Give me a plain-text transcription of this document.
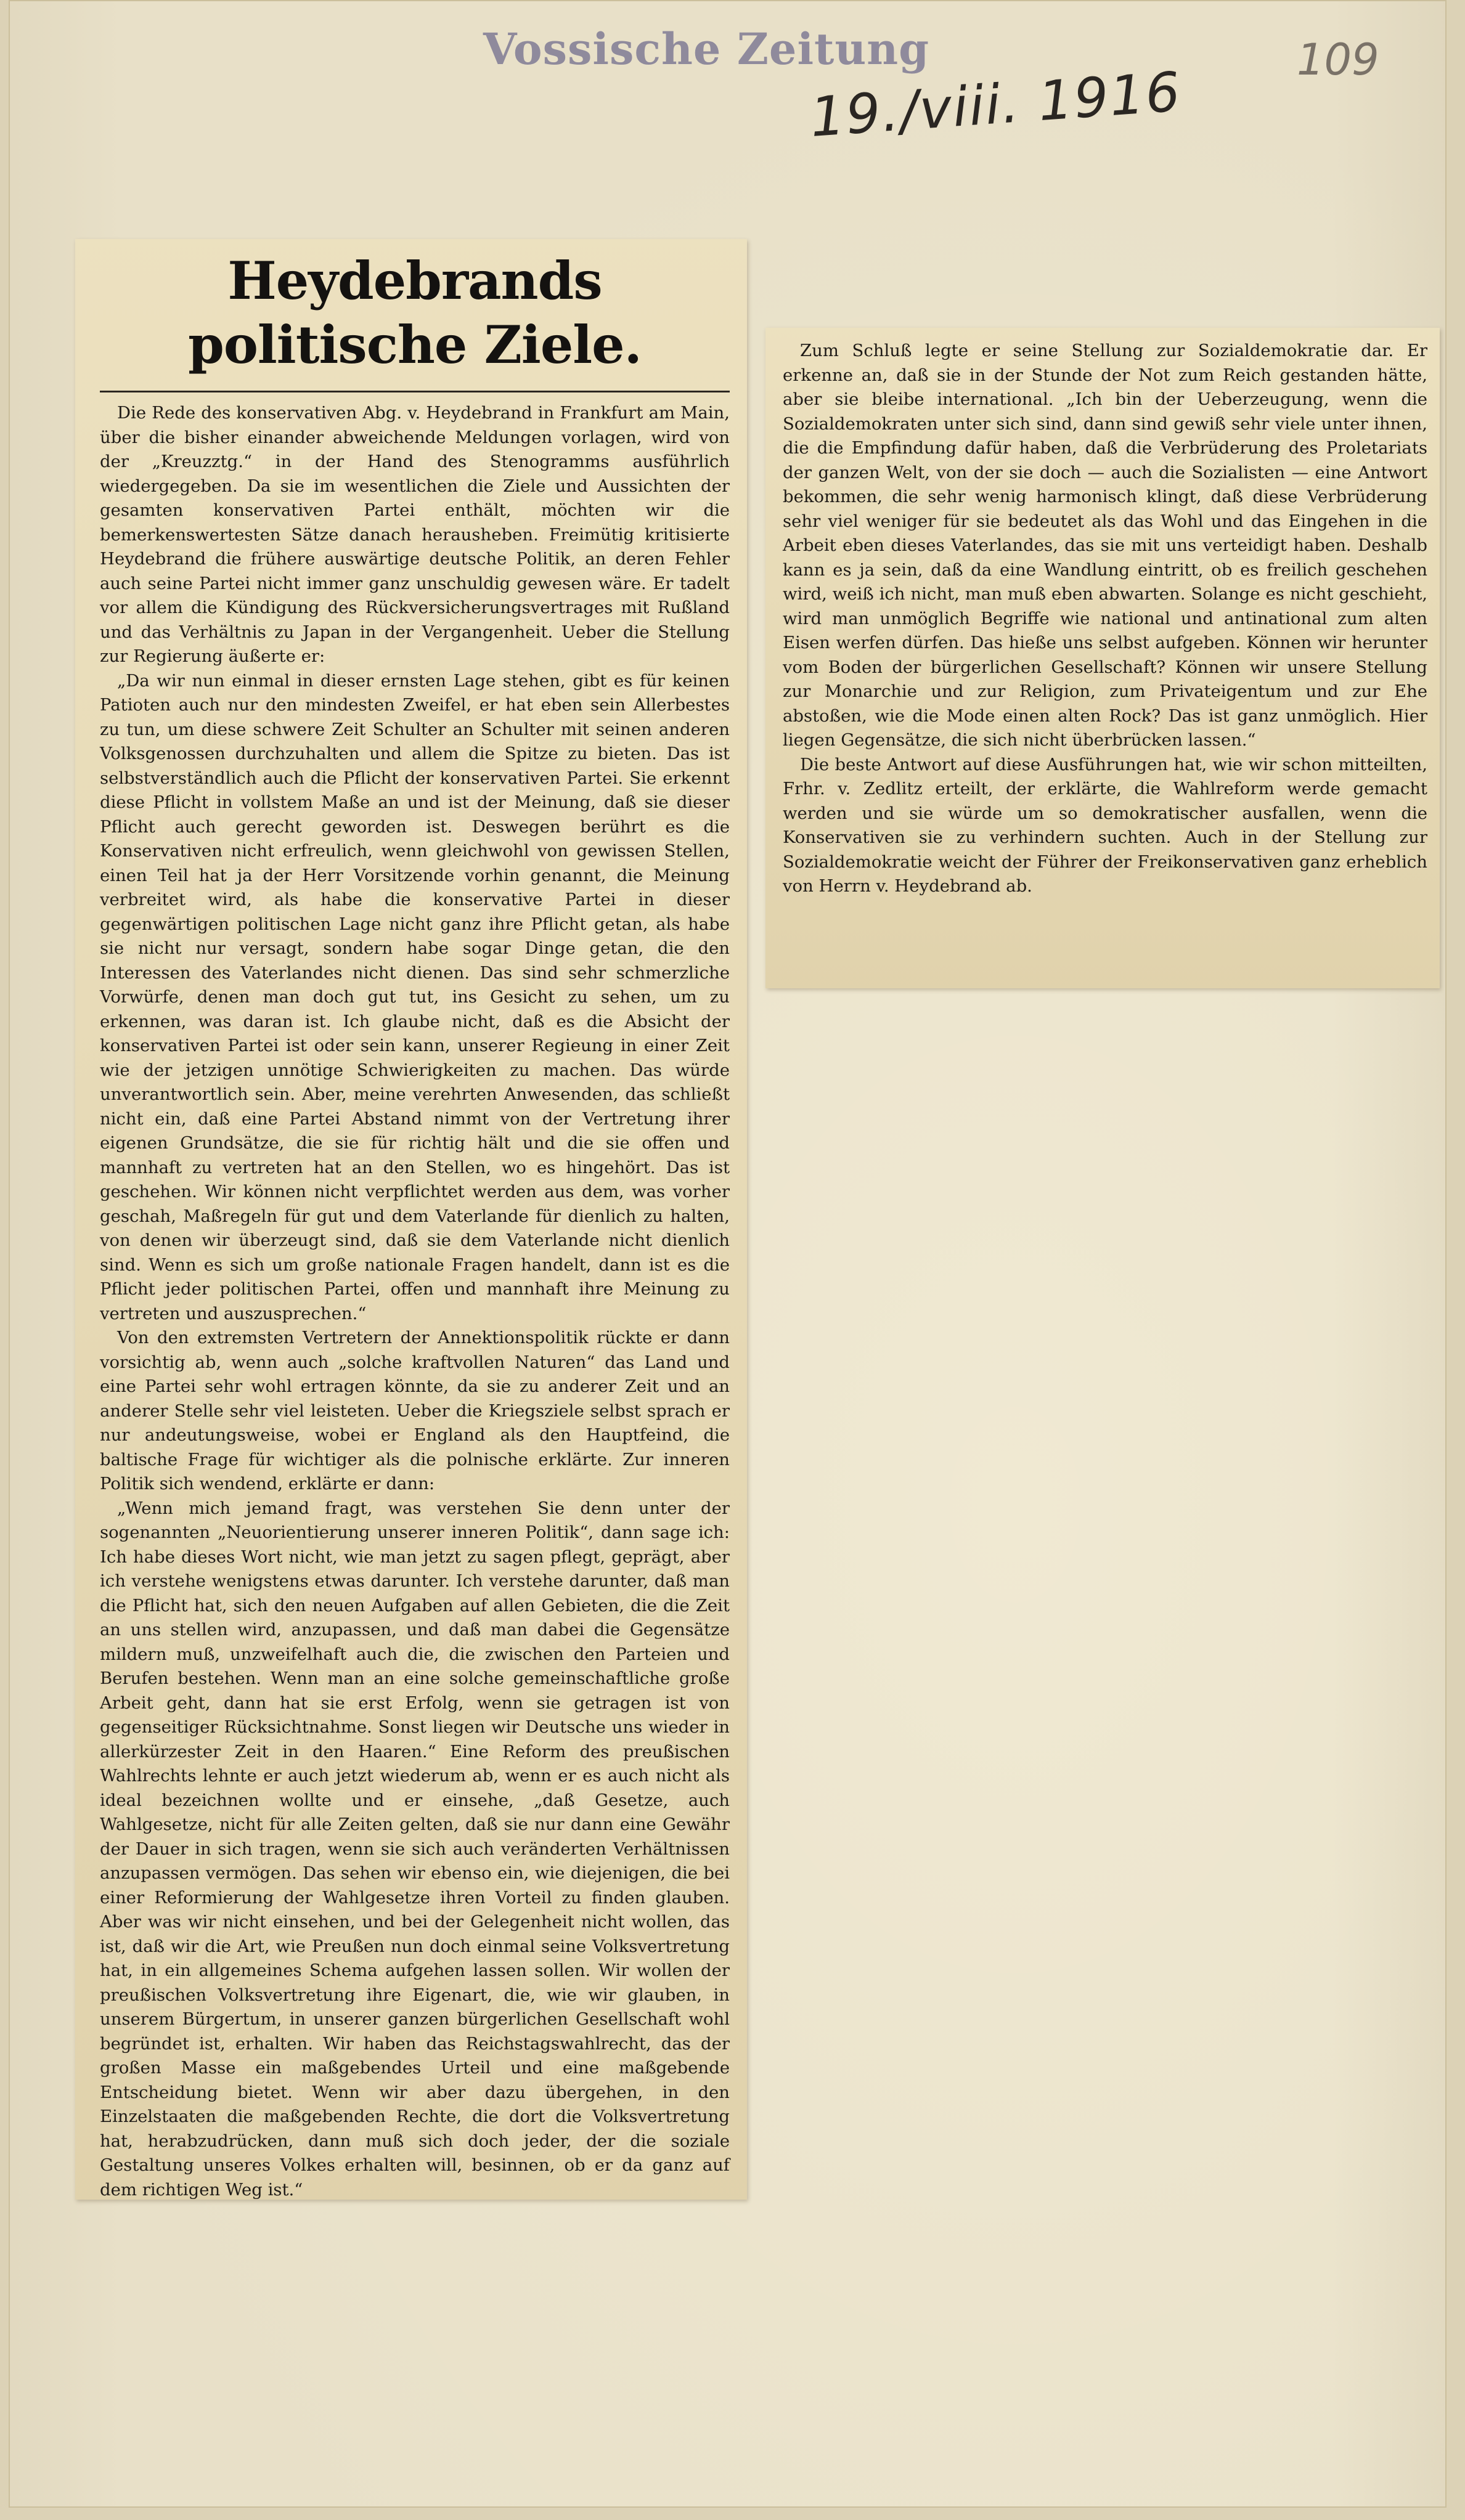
Vossische Zeitung
19./viii. 1916
109
Heydebrands politische Ziele.

Die Rede des konservativen Abg. v. Heydebrand in Frankfurt am Main, über die bisher einander abweichende Meldungen vorlagen, wird von der „Kreuzztg.“ in der Hand des Stenogramms ausführlich wiedergegeben. Da sie im wesentlichen die Ziele und Aussichten der gesamten konservativen Partei enthält, möchten wir die bemerkenswertesten Sätze danach herausheben. Freimütig kritisierte Heydebrand die frühere auswärtige deutsche Politik, an deren Fehler auch seine Partei nicht immer ganz unschuldig gewesen wäre. Er tadelt vor allem die Kündigung des Rückversicherungsvertrages mit Rußland und das Verhältnis zu Japan in der Vergangenheit. Ueber die Stellung zur Regierung äußerte er:

„Da wir nun einmal in dieser ernsten Lage stehen, gibt es für keinen Patioten auch nur den mindesten Zweifel, er hat eben sein Allerbestes zu tun, um diese schwere Zeit Schulter an Schulter mit seinen anderen Volksgenossen durchzuhalten und allem die Spitze zu bieten. Das ist selbstverständlich auch die Pflicht der konservativen Partei. Sie erkennt diese Pflicht in vollstem Maße an und ist der Meinung, daß sie dieser Pflicht auch gerecht geworden ist. Deswegen berührt es die Konservativen nicht erfreulich, wenn gleichwohl von gewissen Stellen, einen Teil hat ja der Herr Vorsitzende vorhin genannt, die Meinung verbreitet wird, als habe die konservative Partei in dieser gegenwärtigen politischen Lage nicht ganz ihre Pflicht getan, als habe sie nicht nur versagt, sondern habe sogar Dinge getan, die den Interessen des Vaterlandes nicht dienen. Das sind sehr schmerzliche Vorwürfe, denen man doch gut tut, ins Gesicht zu sehen, um zu erkennen, was daran ist. Ich glaube nicht, daß es die Absicht der konservativen Partei ist oder sein kann, unserer Regieung in einer Zeit wie der jetzigen unnötige Schwierigkeiten zu machen. Das würde unverantwortlich sein. Aber, meine verehrten Anwesenden, das schließt nicht ein, daß eine Partei Abstand nimmt von der Vertretung ihrer eigenen Grundsätze, die sie für richtig hält und die sie offen und mannhaft zu vertreten hat an den Stellen, wo es hingehört. Das ist geschehen. Wir können nicht verpflichtet werden aus dem, was vorher geschah, Maßregeln für gut und dem Vaterlande für dienlich zu halten, von denen wir überzeugt sind, daß sie dem Vaterlande nicht dienlich sind. Wenn es sich um große nationale Fragen handelt, dann ist es die Pflicht jeder politischen Partei, offen und mannhaft ihre Meinung zu vertreten und auszusprechen.“

Von den extremsten Vertretern der Annektionspolitik rückte er dann vorsichtig ab, wenn auch „solche kraftvollen Naturen“ das Land und eine Partei sehr wohl ertragen könnte, da sie zu anderer Zeit und an anderer Stelle sehr viel leisteten. Ueber die Kriegsziele selbst sprach er nur andeutungsweise, wobei er England als den Hauptfeind, die baltische Frage für wichtiger als die polnische erklärte. Zur inneren Politik sich wendend, erklärte er dann:

„Wenn mich jemand fragt, was verstehen Sie denn unter der sogenannten „Neuorientierung unserer inneren Politik“, dann sage ich: Ich habe dieses Wort nicht, wie man jetzt zu sagen pflegt, geprägt, aber ich verstehe wenigstens etwas darunter. Ich verstehe darunter, daß man die Pflicht hat, sich den neuen Aufgaben auf allen Gebieten, die die Zeit an uns stellen wird, anzupassen, und daß man dabei die Gegensätze mildern muß, unzweifelhaft auch die, die zwischen den Parteien und Berufen bestehen. Wenn man an eine solche gemeinschaftliche große Arbeit geht, dann hat sie erst Erfolg, wenn sie getragen ist von gegenseitiger Rücksichtnahme. Sonst liegen wir Deutsche uns wieder in allerkürzester Zeit in den Haaren.“ Eine Reform des preußischen Wahlrechts lehnte er auch jetzt wiederum ab, wenn er es auch nicht als ideal bezeichnen wollte und er einsehe, „daß Gesetze, auch Wahlgesetze, nicht für alle Zeiten gelten, daß sie nur dann eine Gewähr der Dauer in sich tragen, wenn sie sich auch veränderten Verhältnissen anzupassen vermögen. Das sehen wir ebenso ein, wie diejenigen, die bei einer Reformierung der Wahlgesetze ihren Vorteil zu finden glauben. Aber was wir nicht einsehen, und bei der Gelegenheit nicht wollen, das ist, daß wir die Art, wie Preußen nun doch einmal seine Volksvertretung hat, in ein allgemeines Schema aufgehen lassen sollen. Wir wollen der preußischen Volksvertretung ihre Eigenart, die, wie wir glauben, in unserem Bürgertum, in unserer ganzen bürgerlichen Gesellschaft wohl begründet ist, erhalten. Wir haben das Reichstagswahlrecht, das der großen Masse ein maßgebendes Urteil und eine maßgebende Entscheidung bietet. Wenn wir aber dazu übergehen, in den Einzelstaaten die maßgebenden Rechte, die dort die Volksvertretung hat, herabzudrücken, dann muß sich doch jeder, der die soziale Gestaltung unseres Volkes erhalten will, besinnen, ob er da ganz auf dem richtigen Weg ist.“

Zum Schluß legte er seine Stellung zur Sozialdemokratie dar. Er erkenne an, daß sie in der Stunde der Not zum Reich gestanden hätte, aber sie bleibe international. „Ich bin der Ueberzeugung, wenn die Sozialdemokraten unter sich sind, dann sind gewiß sehr viele unter ihnen, die die Empfindung dafür haben, daß die Verbrüderung des Proletariats der ganzen Welt, von der sie doch — auch die Sozialisten — eine Antwort bekommen, die sehr wenig harmonisch klingt, daß diese Verbrüderung sehr viel weniger für sie bedeutet als das Wohl und das Eingehen in die Arbeit eben dieses Vaterlandes, das sie mit uns verteidigt haben. Deshalb kann es ja sein, daß da eine Wandlung eintritt, ob es freilich geschehen wird, weiß ich nicht, man muß eben abwarten. Solange es nicht geschieht, wird man unmöglich Begriffe wie national und antinational zum alten Eisen werfen dürfen. Das hieße uns selbst aufgeben. Können wir herunter vom Boden der bürgerlichen Gesellschaft? Können wir unsere Stellung zur Monarchie und zur Religion, zum Privateigentum und zur Ehe abstoßen, wie die Mode einen alten Rock? Das ist ganz unmöglich. Hier liegen Gegensätze, die sich nicht überbrücken lassen.“

Die beste Antwort auf diese Ausführungen hat, wie wir schon mitteilten, Frhr. v. Zedlitz erteilt, der erklärte, die Wahlreform werde gemacht werden und sie würde um so demokratischer ausfallen, wenn die Konservativen sie zu verhindern suchten. Auch in der Stellung zur Sozialdemokratie weicht der Führer der Freikonservativen ganz erheblich von Herrn v. Heydebrand ab.
